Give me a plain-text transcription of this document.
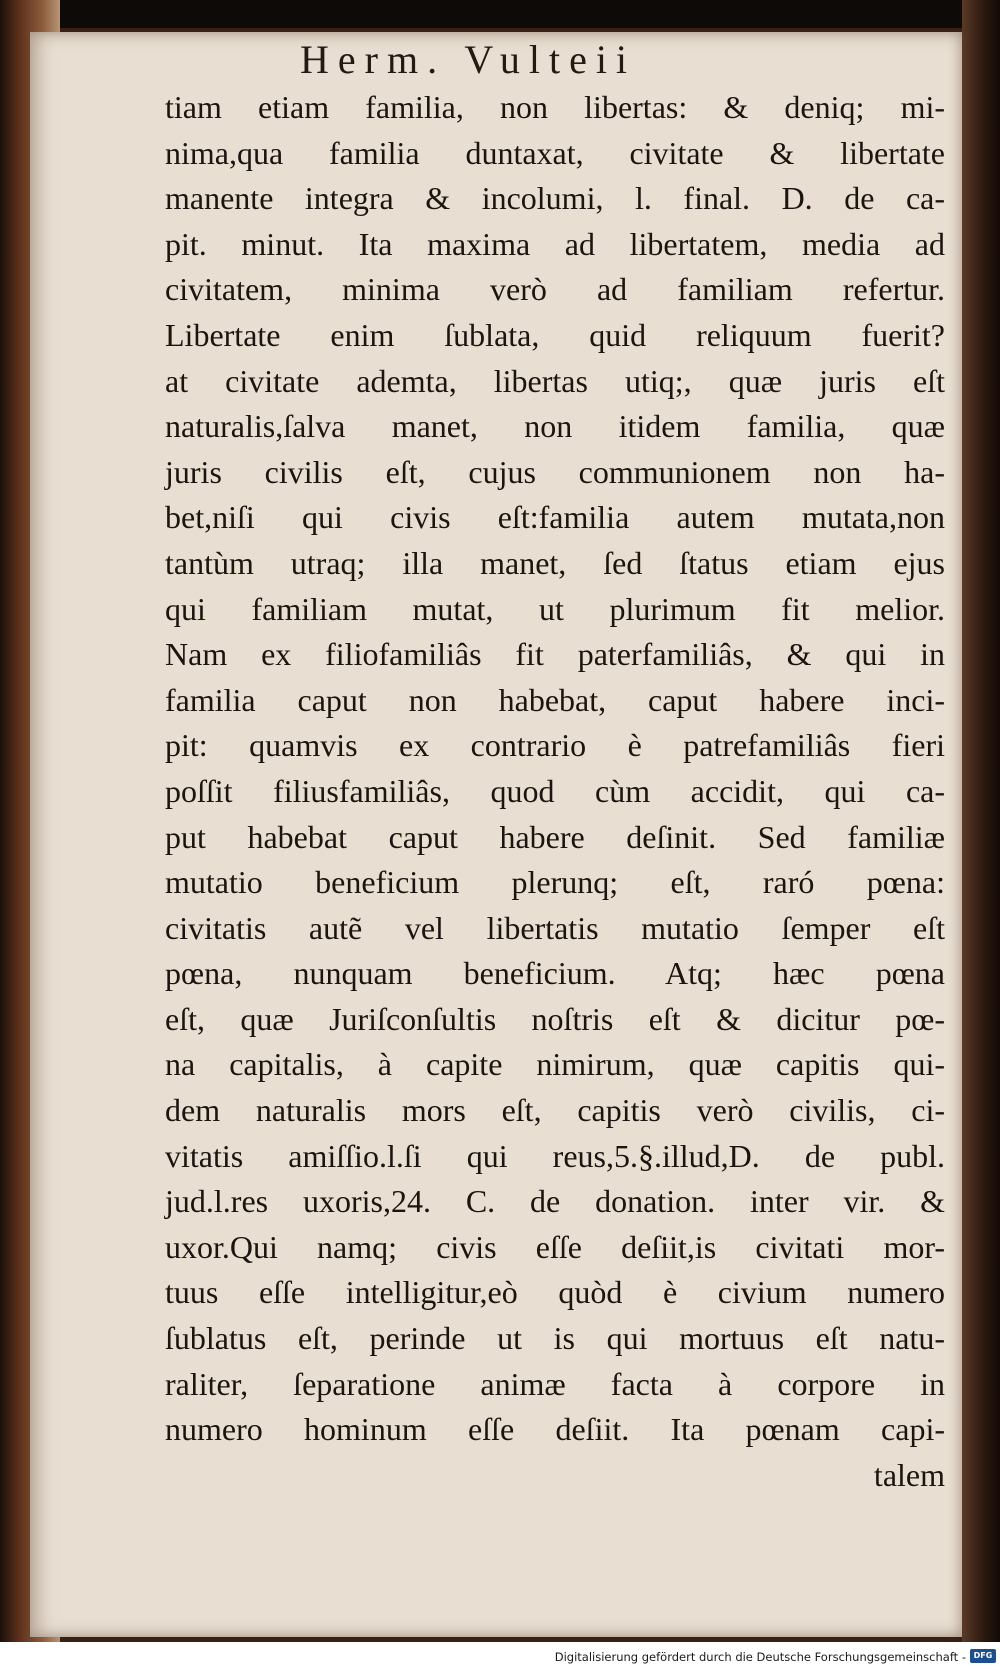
Herm. Vulteii
tiam etiam familia, non libertas: & deniq; mi-
nima,qua familia duntaxat, civitate & libertate
manente integra & incolumi, l. final. D. de ca-
pit. minut. Ita maxima ad libertatem, media ad
civitatem, minima verò ad familiam refertur.
Libertate enim ſublata, quid reliquum fuerit?
at civitate ademta, libertas utiq;, quæ juris eſt
naturalis,ſalva manet, non itidem familia, quæ
juris civilis eſt, cujus communionem non ha-
bet,niſi qui civis eſt:familia autem mutata,non
tantùm utraq; illa manet, ſed ſtatus etiam ejus
qui familiam mutat, ut plurimum fit melior.
Nam ex filiofamiliâs fit paterfamiliâs, & qui in
familia caput non habebat, caput habere inci-
pit: quamvis ex contrario è patrefamiliâs fieri
poſſit filiusfamiliâs, quod cùm accidit, qui ca-
put habebat caput habere deſinit. Sed familiæ
mutatio beneficium plerunq; eſt, raró pœna:
civitatis autẽ vel libertatis mutatio ſemper eſt
pœna, nunquam beneficium. Atq; hæc pœna
eſt, quæ Juriſconſultis noſtris eſt & dicitur pœ-
na capitalis, à capite nimirum, quæ capitis qui-
dem naturalis mors eſt, capitis verò civilis, ci-
vitatis amiſſio.l.ſi qui reus,5.§.illud,D. de publ.
jud.l.res uxoris,24. C. de donation. inter vir. &
uxor.Qui namq; civis eſſe deſiit,is civitati mor-
tuus eſſe intelligitur,eò quòd è civium numero
ſublatus eſt, perinde ut is qui mortuus eſt natu-
raliter, ſeparatione animæ facta à corpore in
numero hominum eſſe deſiit. Ita pœnam capi-
talem
Digitalisierung gefördert durch die Deutsche Forschungsgemeinschaft - DFG
